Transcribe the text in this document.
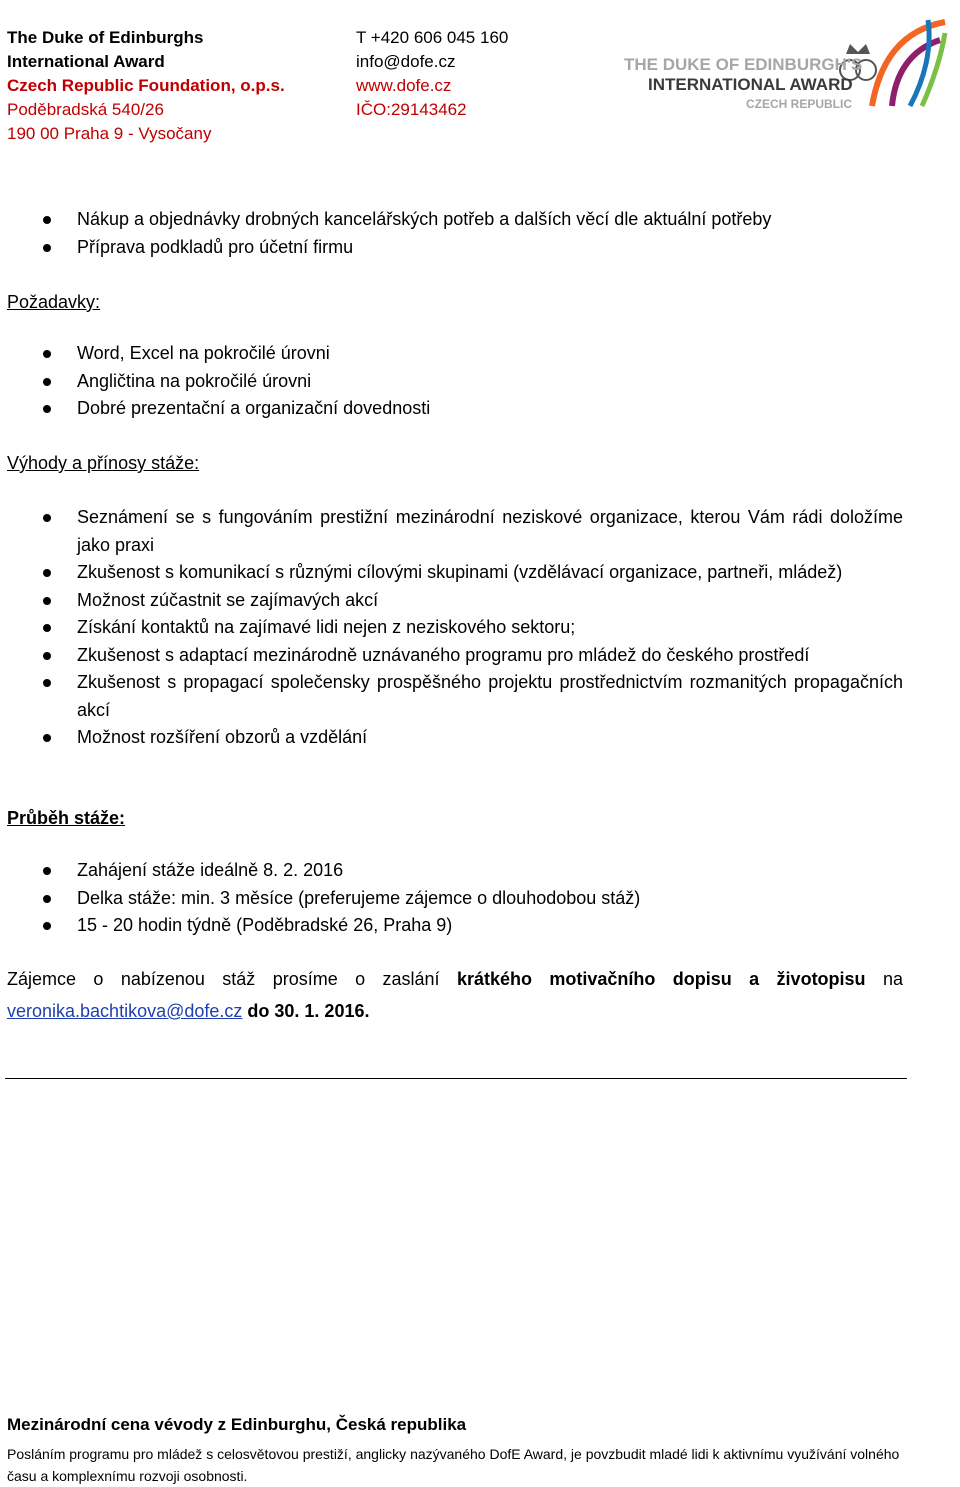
The Duke of Edinburghs
International Award
Czech Republic Foundation, o.p.s.
Poděbradská 540/26
190 00 Praha 9 - Vysočany
T +420 606 045 160
info@dofe.cz
www.dofe.cz
IČO:29143462
THE DUKE OF EDINBURGH'S
INTERNATIONAL AWARD
CZECH REPUBLIC
Nákup a objednávky drobných kancelářských potřeb a dalších věcí dle aktuální potřeby
Příprava podkladů pro účetní firmu
Požadavky:
Word, Excel na pokročilé úrovni
Angličtina na pokročilé úrovni
Dobré prezentační a organizační dovednosti
Výhody a přínosy stáže:
Seznámení se s fungováním prestižní mezinárodní neziskové organizace, kterou Vám rádi doložíme jako praxi
Zkušenost s komunikací s různými cílovými skupinami (vzdělávací organizace, partneři, mládež)
Možnost zúčastnit se zajímavých akcí
Získání kontaktů na zajímavé lidi nejen z neziskového sektoru;
Zkušenost s adaptací mezinárodně uznávaného programu pro mládež do českého prostředí
Zkušenost s propagací společensky prospěšného projektu prostřednictvím rozmanitých propagačních akcí
Možnost rozšíření obzorů a vzdělání
Průběh stáže:
Zahájení stáže ideálně 8. 2. 2016
Delka stáže: min. 3 měsíce (preferujeme zájemce o dlouhodobou stáž)
15 - 20 hodin týdně (Poděbradské 26, Praha 9)
Zájemce o nabízenou stáž prosíme o zaslání krátkého motivačního dopisu a životopisu na veronika.bachtikova@dofe.cz do 30. 1. 2016.
Mezinárodní cena vévody z Edinburghu, Česká republika
Posláním programu pro mládež s celosvětovou prestiží, anglicky nazývaného DofE Award, je povzbudit mladé lidi k aktivnímu využívání volného času a komplexnímu rozvoji osobnosti.
